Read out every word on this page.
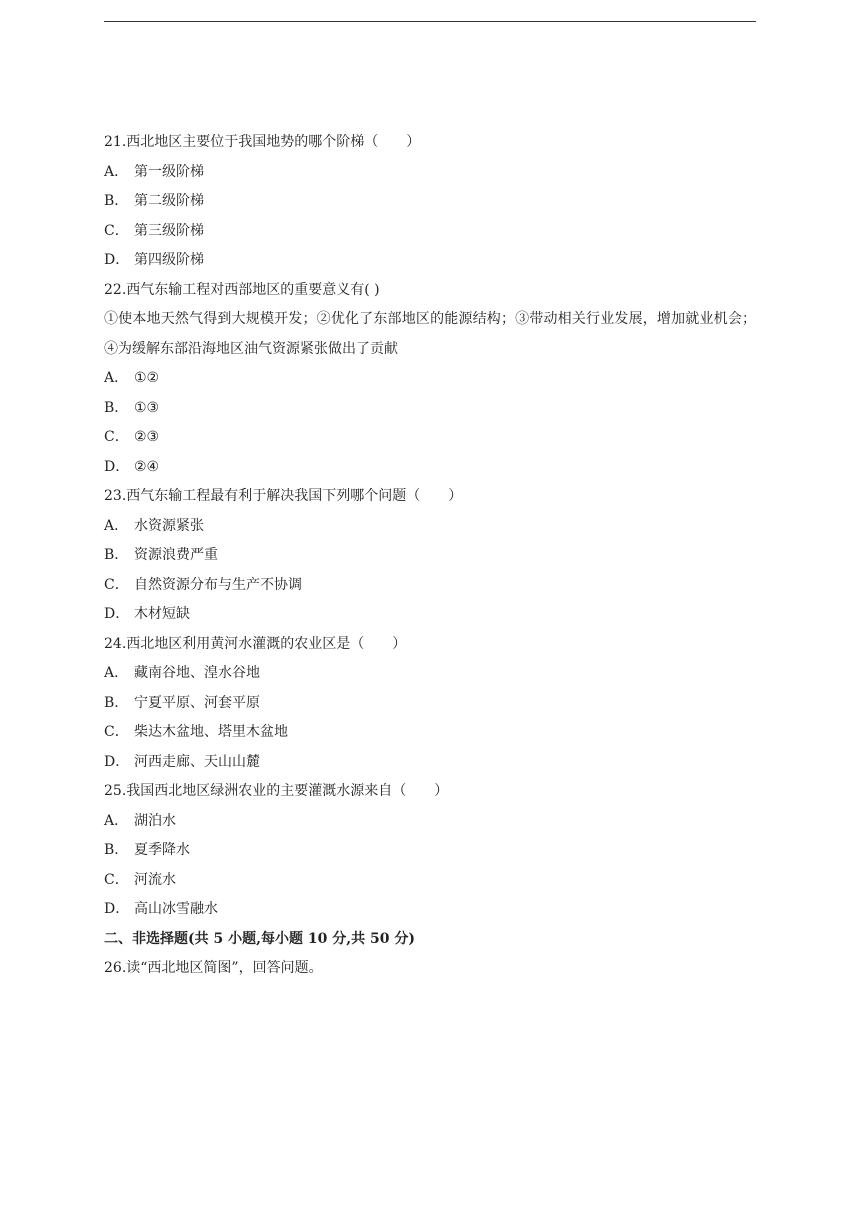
21.西北地区主要位于我国地势的哪个阶梯（　　）
A． 第一级阶梯
B． 第二级阶梯
C． 第三级阶梯
D． 第四级阶梯
22.西气东输工程对西部地区的重要意义有( )
①使本地天然气得到大规模开发；②优化了东部地区的能源结构；③带动相关行业发展，增加就业机会；④为缓解东部沿海地区油气资源紧张做出了贡献
A． ①②
B． ①③
C． ②③
D． ②④
23.西气东输工程最有利于解决我国下列哪个问题（　　）
A． 水资源紧张
B． 资源浪费严重
C． 自然资源分布与生产不协调
D． 木材短缺
24.西北地区利用黄河水灌溉的农业区是（　　）
A． 藏南谷地、湟水谷地
B． 宁夏平原、河套平原
C． 柴达木盆地、塔里木盆地
D． 河西走廊、天山山麓
25.我国西北地区绿洲农业的主要灌溉水源来自（　　）
A． 湖泊水
B． 夏季降水
C． 河流水
D． 高山冰雪融水
二、非选择题(共 5 小题,每小题 10 分,共 50 分)
26.读“西北地区简图”，回答问题。
